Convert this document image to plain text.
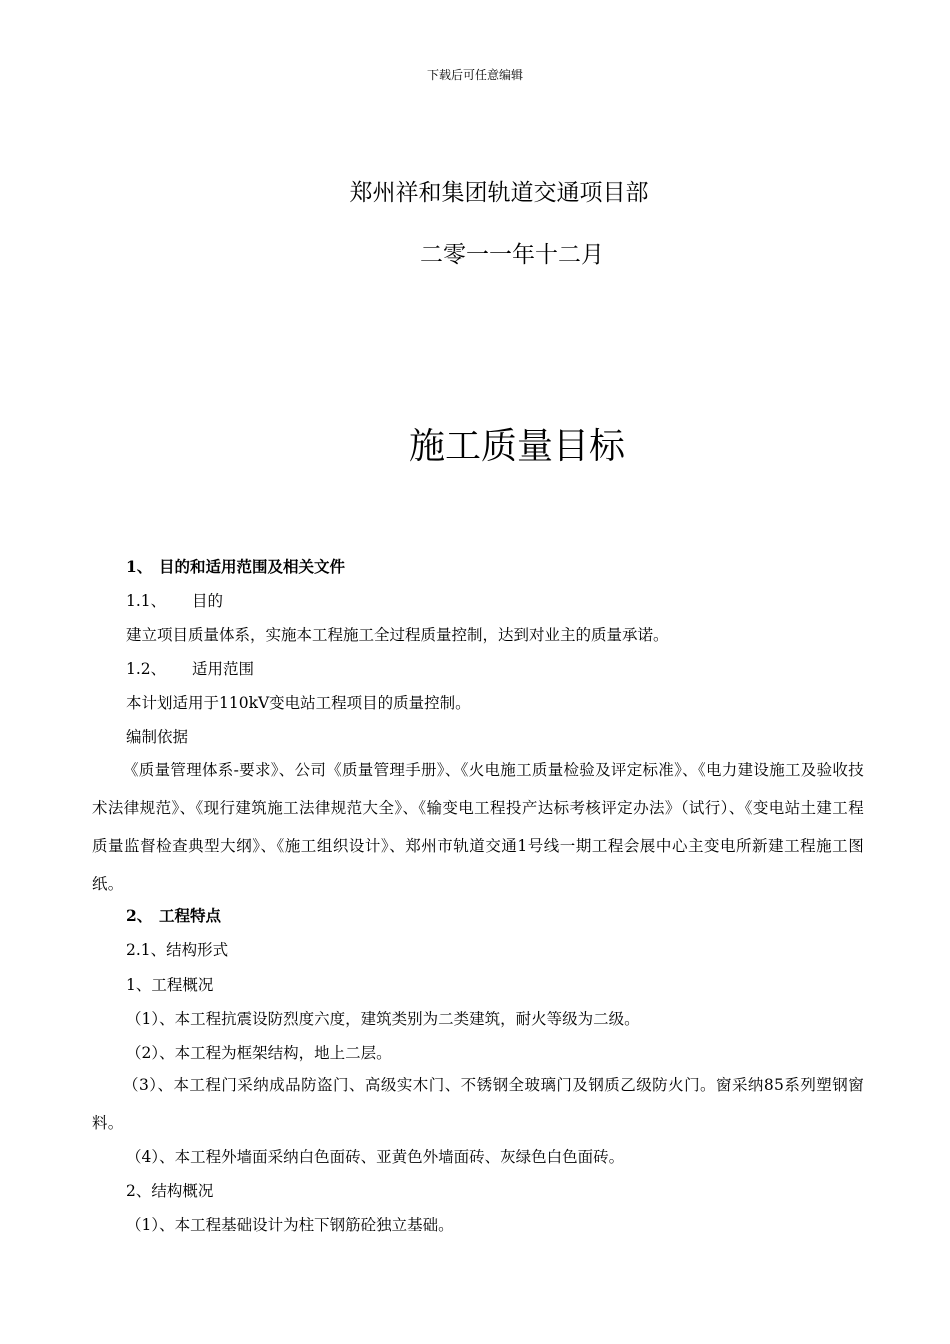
下载后可任意编辑
郑州祥和集团轨道交通项目部
二零一一年十二月
施工质量目标
1、 目的和适用范围及相关文件
1.1、 目的
建立项目质量体系，实施本工程施工全过程质量控制，达到对业主的质量承诺。
1.2、 适用范围
本计划适用于110kV变电站工程项目的质量控制。
编制依据
《质量管理体系-要求》、公司《质量管理手册》、《火电施工质量检验及评定标准》、《电力建设施工及验收技术法律规范》、《现行建筑施工法律规范大全》、《输变电工程投产达标考核评定办法》（试行）、《变电站土建工程质量监督检查典型大纲》、《施工组织设计》、郑州市轨道交通1号线一期工程会展中心主变电所新建工程施工图纸。
2、 工程特点
2.1、结构形式
1、工程概况
（1）、本工程抗震设防烈度六度，建筑类别为二类建筑，耐火等级为二级。
（2）、本工程为框架结构，地上二层。
（3）、本工程门采纳成品防盗门、高级实木门、不锈钢全玻璃门及钢质乙级防火门。窗采纳85系列塑钢窗料。
（4）、本工程外墙面采纳白色面砖、亚黄色外墙面砖、灰绿色白色面砖。
2、结构概况
（1）、本工程基础设计为柱下钢筋砼独立基础。
